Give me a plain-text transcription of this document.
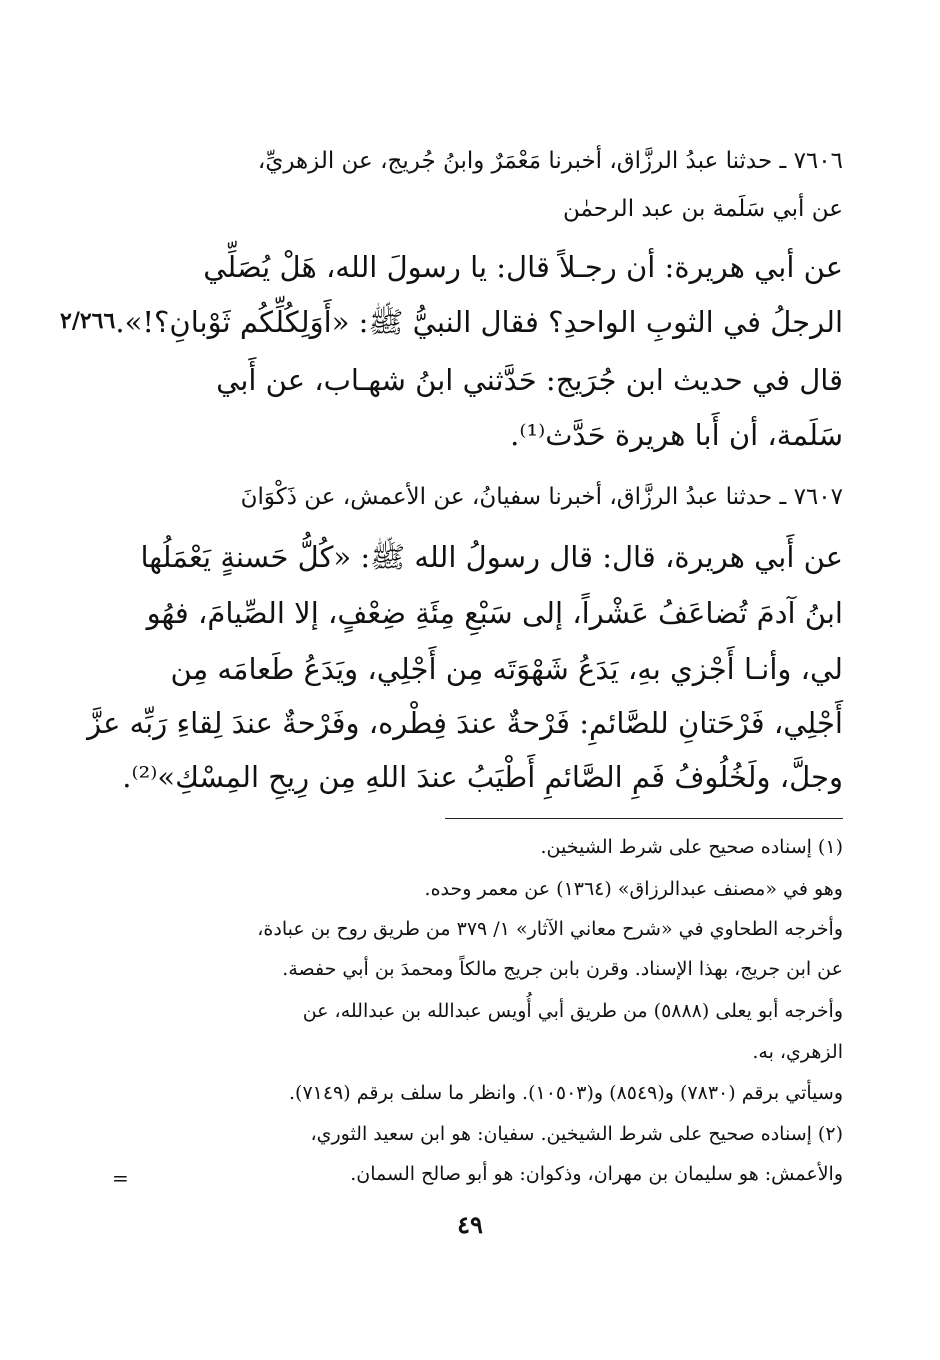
٧٦٠٦ ـ حدثنا عبدُ الرزَّاق، أخبرنا مَعْمَرٌ وابنُ جُريج، عن الزهريِّ،
عن أبي سَلَمة بن عبد الرحمٰن
عن أبي هريرة: أن رجـلاً قال: يا رسولَ الله، هَلْ يُصَلِّي
الرجلُ في الثوبِ الواحدِ؟ فقال النبيُّ ﷺ: «أَوَلِكُلِّكُم ثَوْبانِ؟!».
قال في حديث ابن جُرَيج: حَدَّثني ابنُ شهـاب، عن أَبي
سَلَمة، أن أَبا هريرة حَدَّث⁽¹⁾.
٢/٢٦٦
٧٦٠٧ ـ حدثنا عبدُ الرزَّاق، أخبرنا سفيانُ، عن الأعمش، عن ذَكْوَانَ
عن أَبي هريرة، قال: قال رسولُ الله ﷺ: «كُلُّ حَسنةٍ يَعْمَلُها
ابنُ آدمَ تُضاعَفُ عَشْراً، إلى سَبْعِ مِئَةِ ضِعْفٍ، إلا الصِّيامَ، فهُو
لي، وأنـا أَجْزي بهِ، يَدَعُ شَهْوَتَه مِن أَجْلِي، ويَدَعُ طَعامَه مِن
أَجْلِي، فَرْحَتانِ للصَّائمِ: فَرْحةٌ عندَ فِطْره، وفَرْحةٌ عندَ لِقاءِ رَبِّه عزَّ
وجلَّ، ولَخُلُوفُ فَمِ الصَّائمِ أَطْيَبُ عندَ اللهِ مِن رِيحِ المِسْكِ»⁽²⁾.
(١) إسناده صحيح على شرط الشيخين.
وهو في «مصنف عبدالرزاق» (١٣٦٤) عن معمر وحده.
وأخرجه الطحاوي في «شرح معاني الآثار» ١/ ٣٧٩ من طريق روح بن عبادة،
عن ابن جريج، بهذا الإسناد. وقرن بابن جريج مالكاً ومحمدَ بن أبي حفصة.
وأخرجه أبو يعلى (٥٨٨٨) من طريق أبي أُويس عبدالله بن عبدالله، عن
الزهري، به.
وسيأتي برقم (٧٨٣٠) و(٨٥٤٩) و(١٠٥٠٣). وانظر ما سلف برقم (٧١٤٩).
(٢) إسناده صحيح على شرط الشيخين. سفيان: هو ابن سعيد الثوري،
والأعمش: هو سليمان بن مهران، وذكوان: هو أبو صالح السمان.
=
٤٩
